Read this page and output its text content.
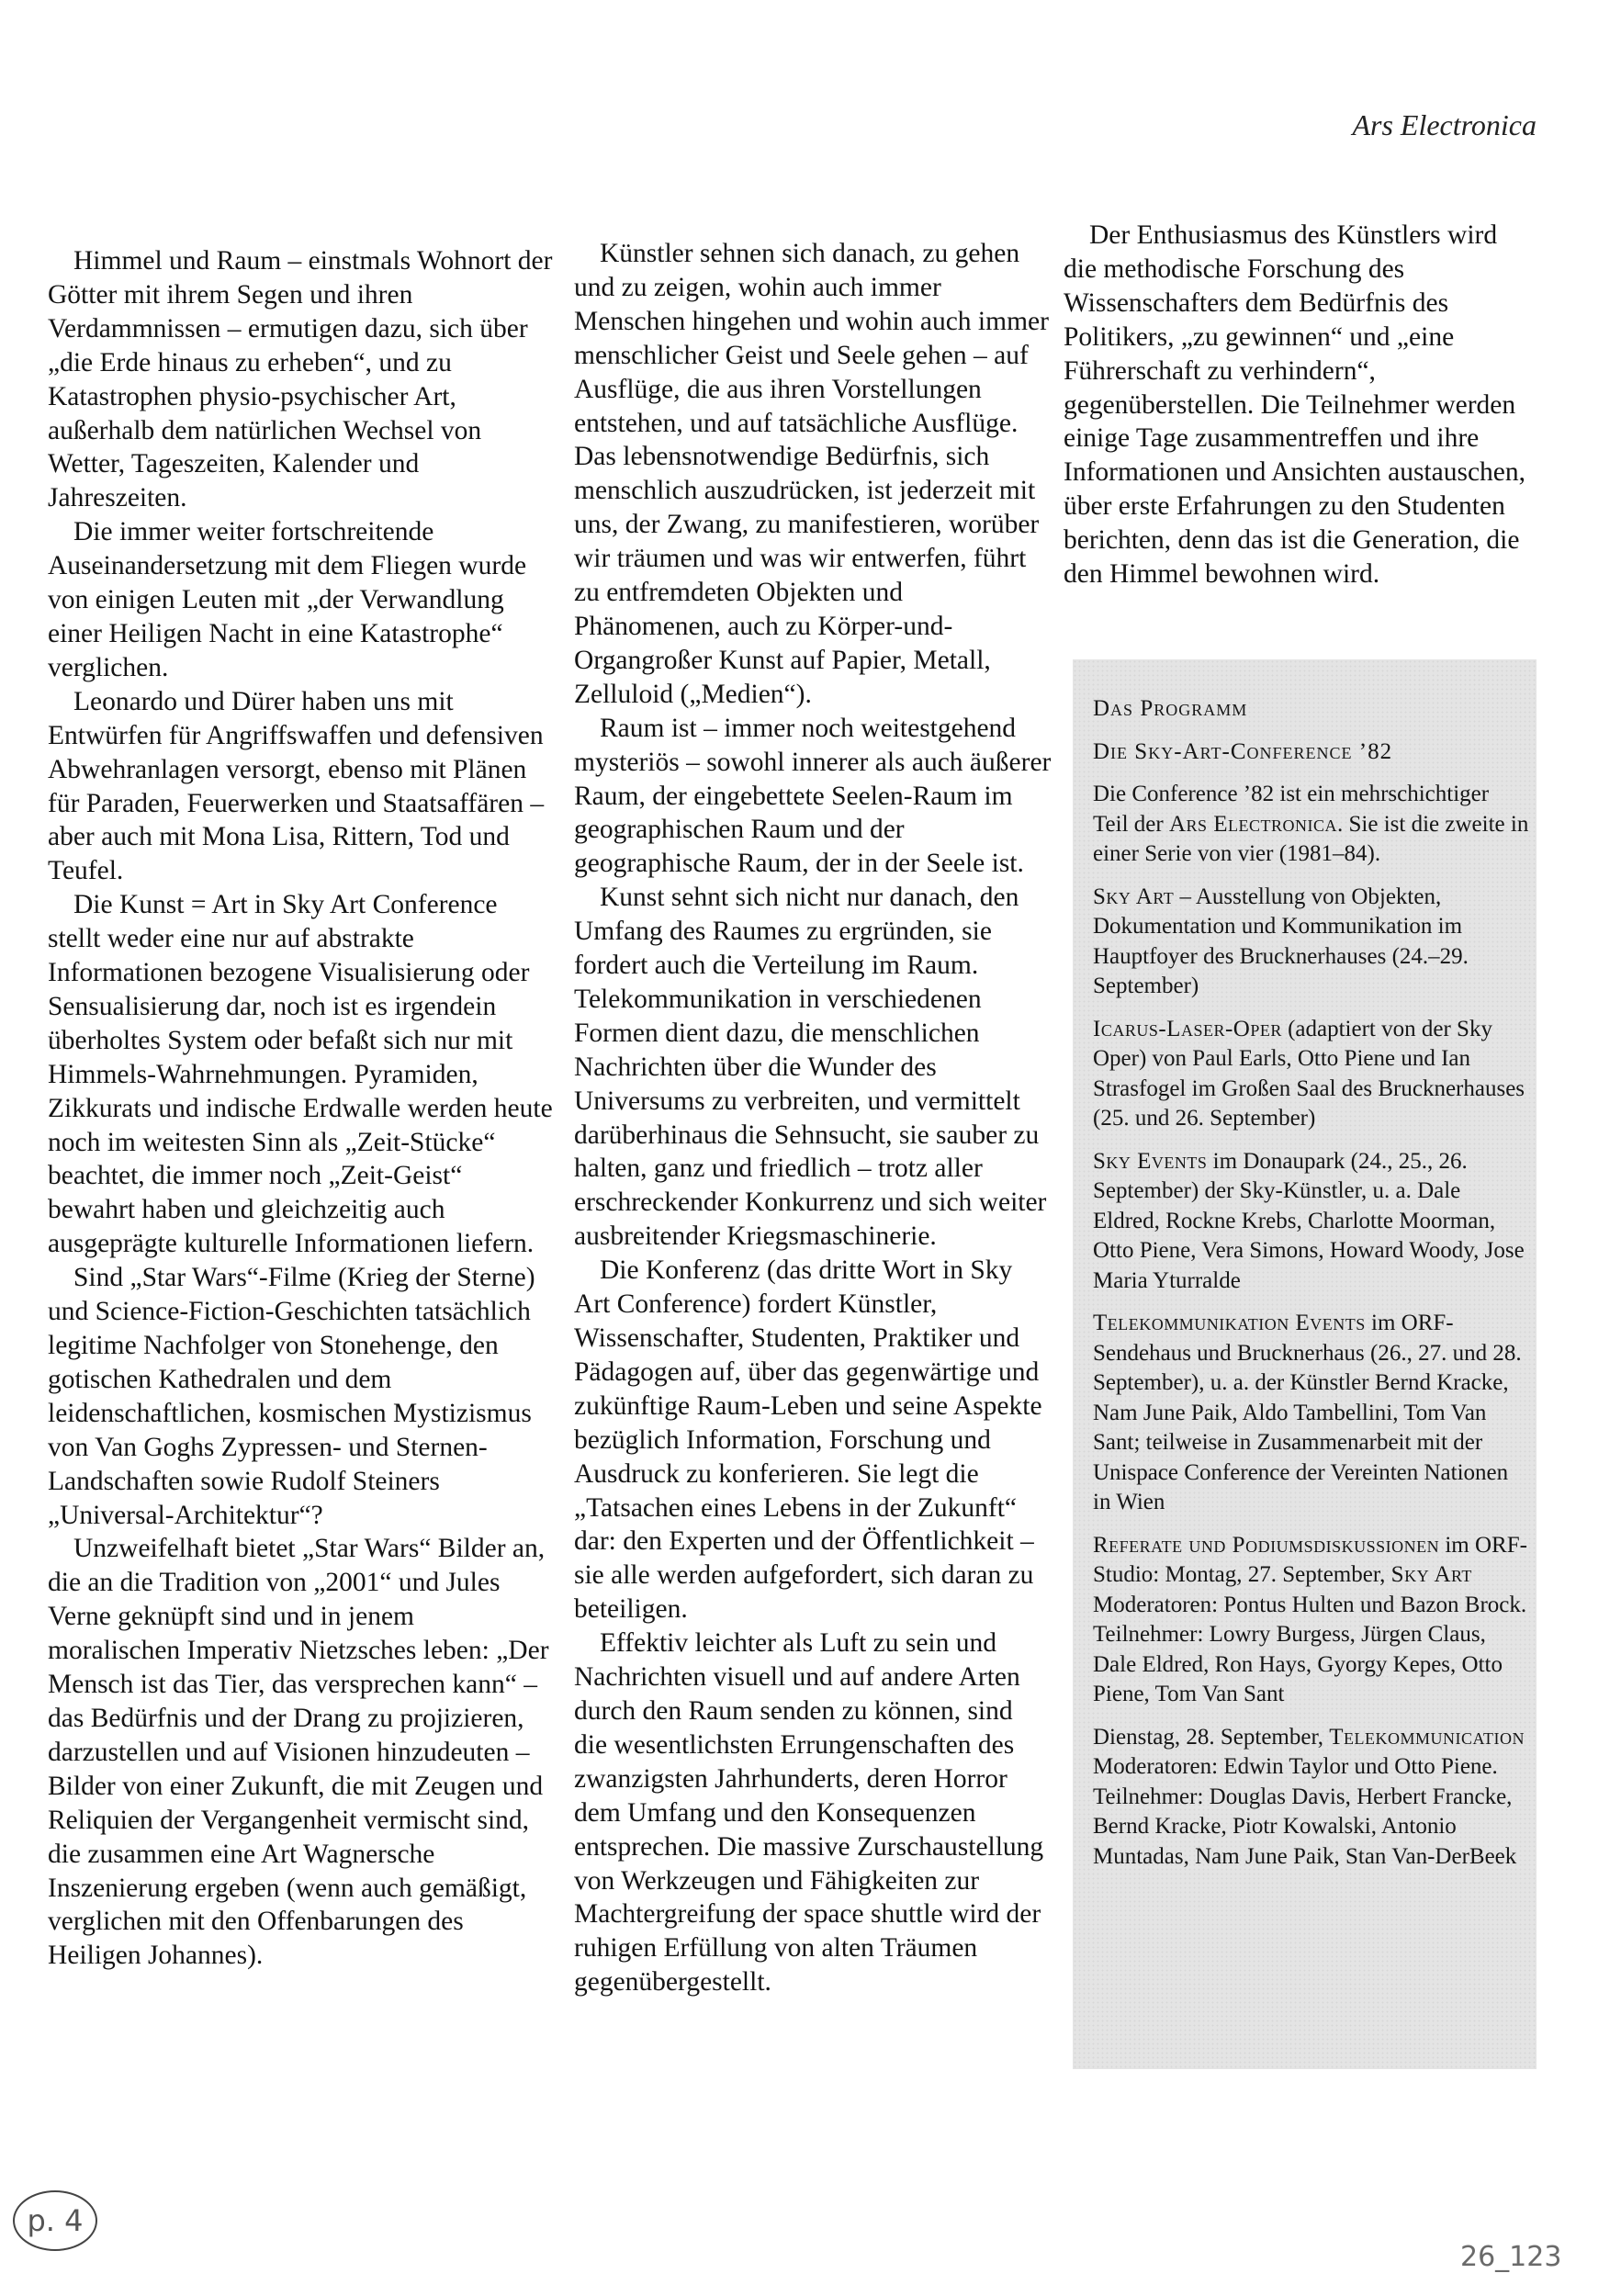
Ars Electronica

Himmel und Raum – einstmals Wohnort der Götter mit ihrem Segen und ihren Verdammnissen – ermutigen dazu, sich über „die Erde hinaus zu erheben“, und zu Katastrophen physio-psychischer Art, außerhalb dem natürlichen Wechsel von Wetter, Tageszeiten, Kalender und Jahreszeiten.

Die immer weiter fortschreitende Auseinandersetzung mit dem Fliegen wurde von einigen Leuten mit „der Verwandlung einer Heiligen Nacht in eine Katastrophe“ verglichen.

Leonardo und Dürer haben uns mit Entwürfen für Angriffswaffen und defensiven Abwehranlagen versorgt, ebenso mit Plänen für Paraden, Feuerwerken und Staatsaffären – aber auch mit Mona Lisa, Rittern, Tod und Teufel.

Die Kunst = Art in Sky Art Conference stellt weder eine nur auf abstrakte Informationen bezogene Visualisierung oder Sensualisierung dar, noch ist es irgendein überholtes System oder befaßt sich nur mit Himmels-Wahrnehmungen. Pyramiden, Zikkurats und indische Erdwalle werden heute noch im weitesten Sinn als „Zeit-Stücke“ beachtet, die immer noch „Zeit-Geist“ bewahrt haben und gleichzeitig auch ausgeprägte kulturelle Informationen liefern.

Sind „Star Wars“-Filme (Krieg der Sterne) und Science-Fiction-Geschichten tatsächlich legitime Nachfolger von Stonehenge, den gotischen Kathedralen und dem leidenschaftlichen, kosmischen Mystizismus von Van Goghs Zypressen- und Sternen-Landschaften sowie Rudolf Steiners „Universal-Architektur“?

Unzweifelhaft bietet „Star Wars“ Bilder an, die an die Tradition von „2001“ und Jules Verne geknüpft sind und in jenem moralischen Imperativ Nietzsches leben: „Der Mensch ist das Tier, das versprechen kann“ – das Bedürfnis und der Drang zu projizieren, darzustellen und auf Visionen hinzudeuten – Bilder von einer Zukunft, die mit Zeugen und Reliquien der Vergangenheit vermischt sind, die zusammen eine Art Wagnersche Inszenierung ergeben (wenn auch gemäßigt, verglichen mit den Offenbarungen des Heiligen Johannes).

Künstler sehnen sich danach, zu gehen und zu zeigen, wohin auch immer Menschen hingehen und wohin auch immer menschlicher Geist und Seele gehen – auf Ausflüge, die aus ihren Vorstellungen entstehen, und auf tatsächliche Ausflüge. Das lebensnotwendige Bedürfnis, sich menschlich auszudrücken, ist jederzeit mit uns, der Zwang, zu manifestieren, worüber wir träumen und was wir entwerfen, führt zu entfremdeten Objekten und Phänomenen, auch zu Körper-und-Organgroßer Kunst auf Papier, Metall, Zelluloid („Medien“).

Raum ist – immer noch weitestgehend mysteriös – sowohl innerer als auch äußerer Raum, der eingebettete Seelen-Raum im geographischen Raum und der geographische Raum, der in der Seele ist.

Kunst sehnt sich nicht nur danach, den Umfang des Raumes zu ergründen, sie fordert auch die Verteilung im Raum. Telekommunikation in verschiedenen Formen dient dazu, die menschlichen Nachrichten über die Wunder des Universums zu verbreiten, und vermittelt darüberhinaus die Sehnsucht, sie sauber zu halten, ganz und friedlich – trotz aller erschreckender Konkurrenz und sich weiter ausbreitender Kriegsmaschinerie.

Die Konferenz (das dritte Wort in Sky Art Conference) fordert Künstler, Wissenschafter, Studenten, Praktiker und Pädagogen auf, über das gegenwärtige und zukünftige Raum-Leben und seine Aspekte bezüglich Information, Forschung und Ausdruck zu konferieren. Sie legt die „Tatsachen eines Lebens in der Zukunft“ dar: den Experten und der Öffentlichkeit – sie alle werden aufgefordert, sich daran zu beteiligen.

Effektiv leichter als Luft zu sein und Nachrichten visuell und auf andere Arten durch den Raum senden zu können, sind die wesentlichsten Errungenschaften des zwanzigsten Jahrhunderts, deren Horror dem Umfang und den Konsequenzen entsprechen. Die massive Zurschaustellung von Werkzeugen und Fähigkeiten zur Machtergreifung der space shuttle wird der ruhigen Erfüllung von alten Träumen gegenübergestellt.

Der Enthusiasmus des Künstlers wird die methodische Forschung des Wissenschafters dem Bedürfnis des Politikers, „zu gewinnen“ und „eine Führerschaft zu verhindern“, gegenüberstellen. Die Teilnehmer werden einige Tage zusammentreffen und ihre Informationen und Ansichten austauschen, über erste Erfahrungen zu den Studenten berichten, denn das ist die Generation, die den Himmel bewohnen wird.

Das Programm

Die Sky-Art-Conference ’82

Die Conference ’82 ist ein mehrschichtiger Teil der Ars Electronica. Sie ist die zweite in einer Serie von vier (1981–84).

Sky Art – Ausstellung von Objekten, Dokumentation und Kommunikation im Hauptfoyer des Brucknerhauses (24.–29. September)

Icarus-Laser-Oper (adaptiert von der Sky Oper) von Paul Earls, Otto Piene und Ian Strasfogel im Großen Saal des Brucknerhauses (25. und 26. September)

Sky Events im Donaupark (24., 25., 26. September) der Sky-Künstler, u. a. Dale Eldred, Rockne Krebs, Charlotte Moorman, Otto Piene, Vera Simons, Howard Woody, Jose Maria Yturralde

Telekommunikation Events im ORF-Sendehaus und Brucknerhaus (26., 27. und 28. September), u. a. der Künstler Bernd Kracke, Nam June Paik, Aldo Tambellini, Tom Van Sant; teilweise in Zusammenarbeit mit der Unispace Conference der Vereinten Nationen in Wien

Referate und Podiumsdiskussionen im ORF-Studio: Montag, 27. September, Sky Art Moderatoren: Pontus Hulten und Bazon Brock. Teilnehmer: Lowry Burgess, Jürgen Claus, Dale Eldred, Ron Hays, Gyorgy Kepes, Otto Piene, Tom Van Sant

Dienstag, 28. September, Telekommunication Moderatoren: Edwin Taylor und Otto Piene. Teilnehmer: Douglas Davis, Herbert Francke, Bernd Kracke, Piotr Kowalski, Antonio Muntadas, Nam June Paik, Stan Van-DerBeek

p. 4
26_123
